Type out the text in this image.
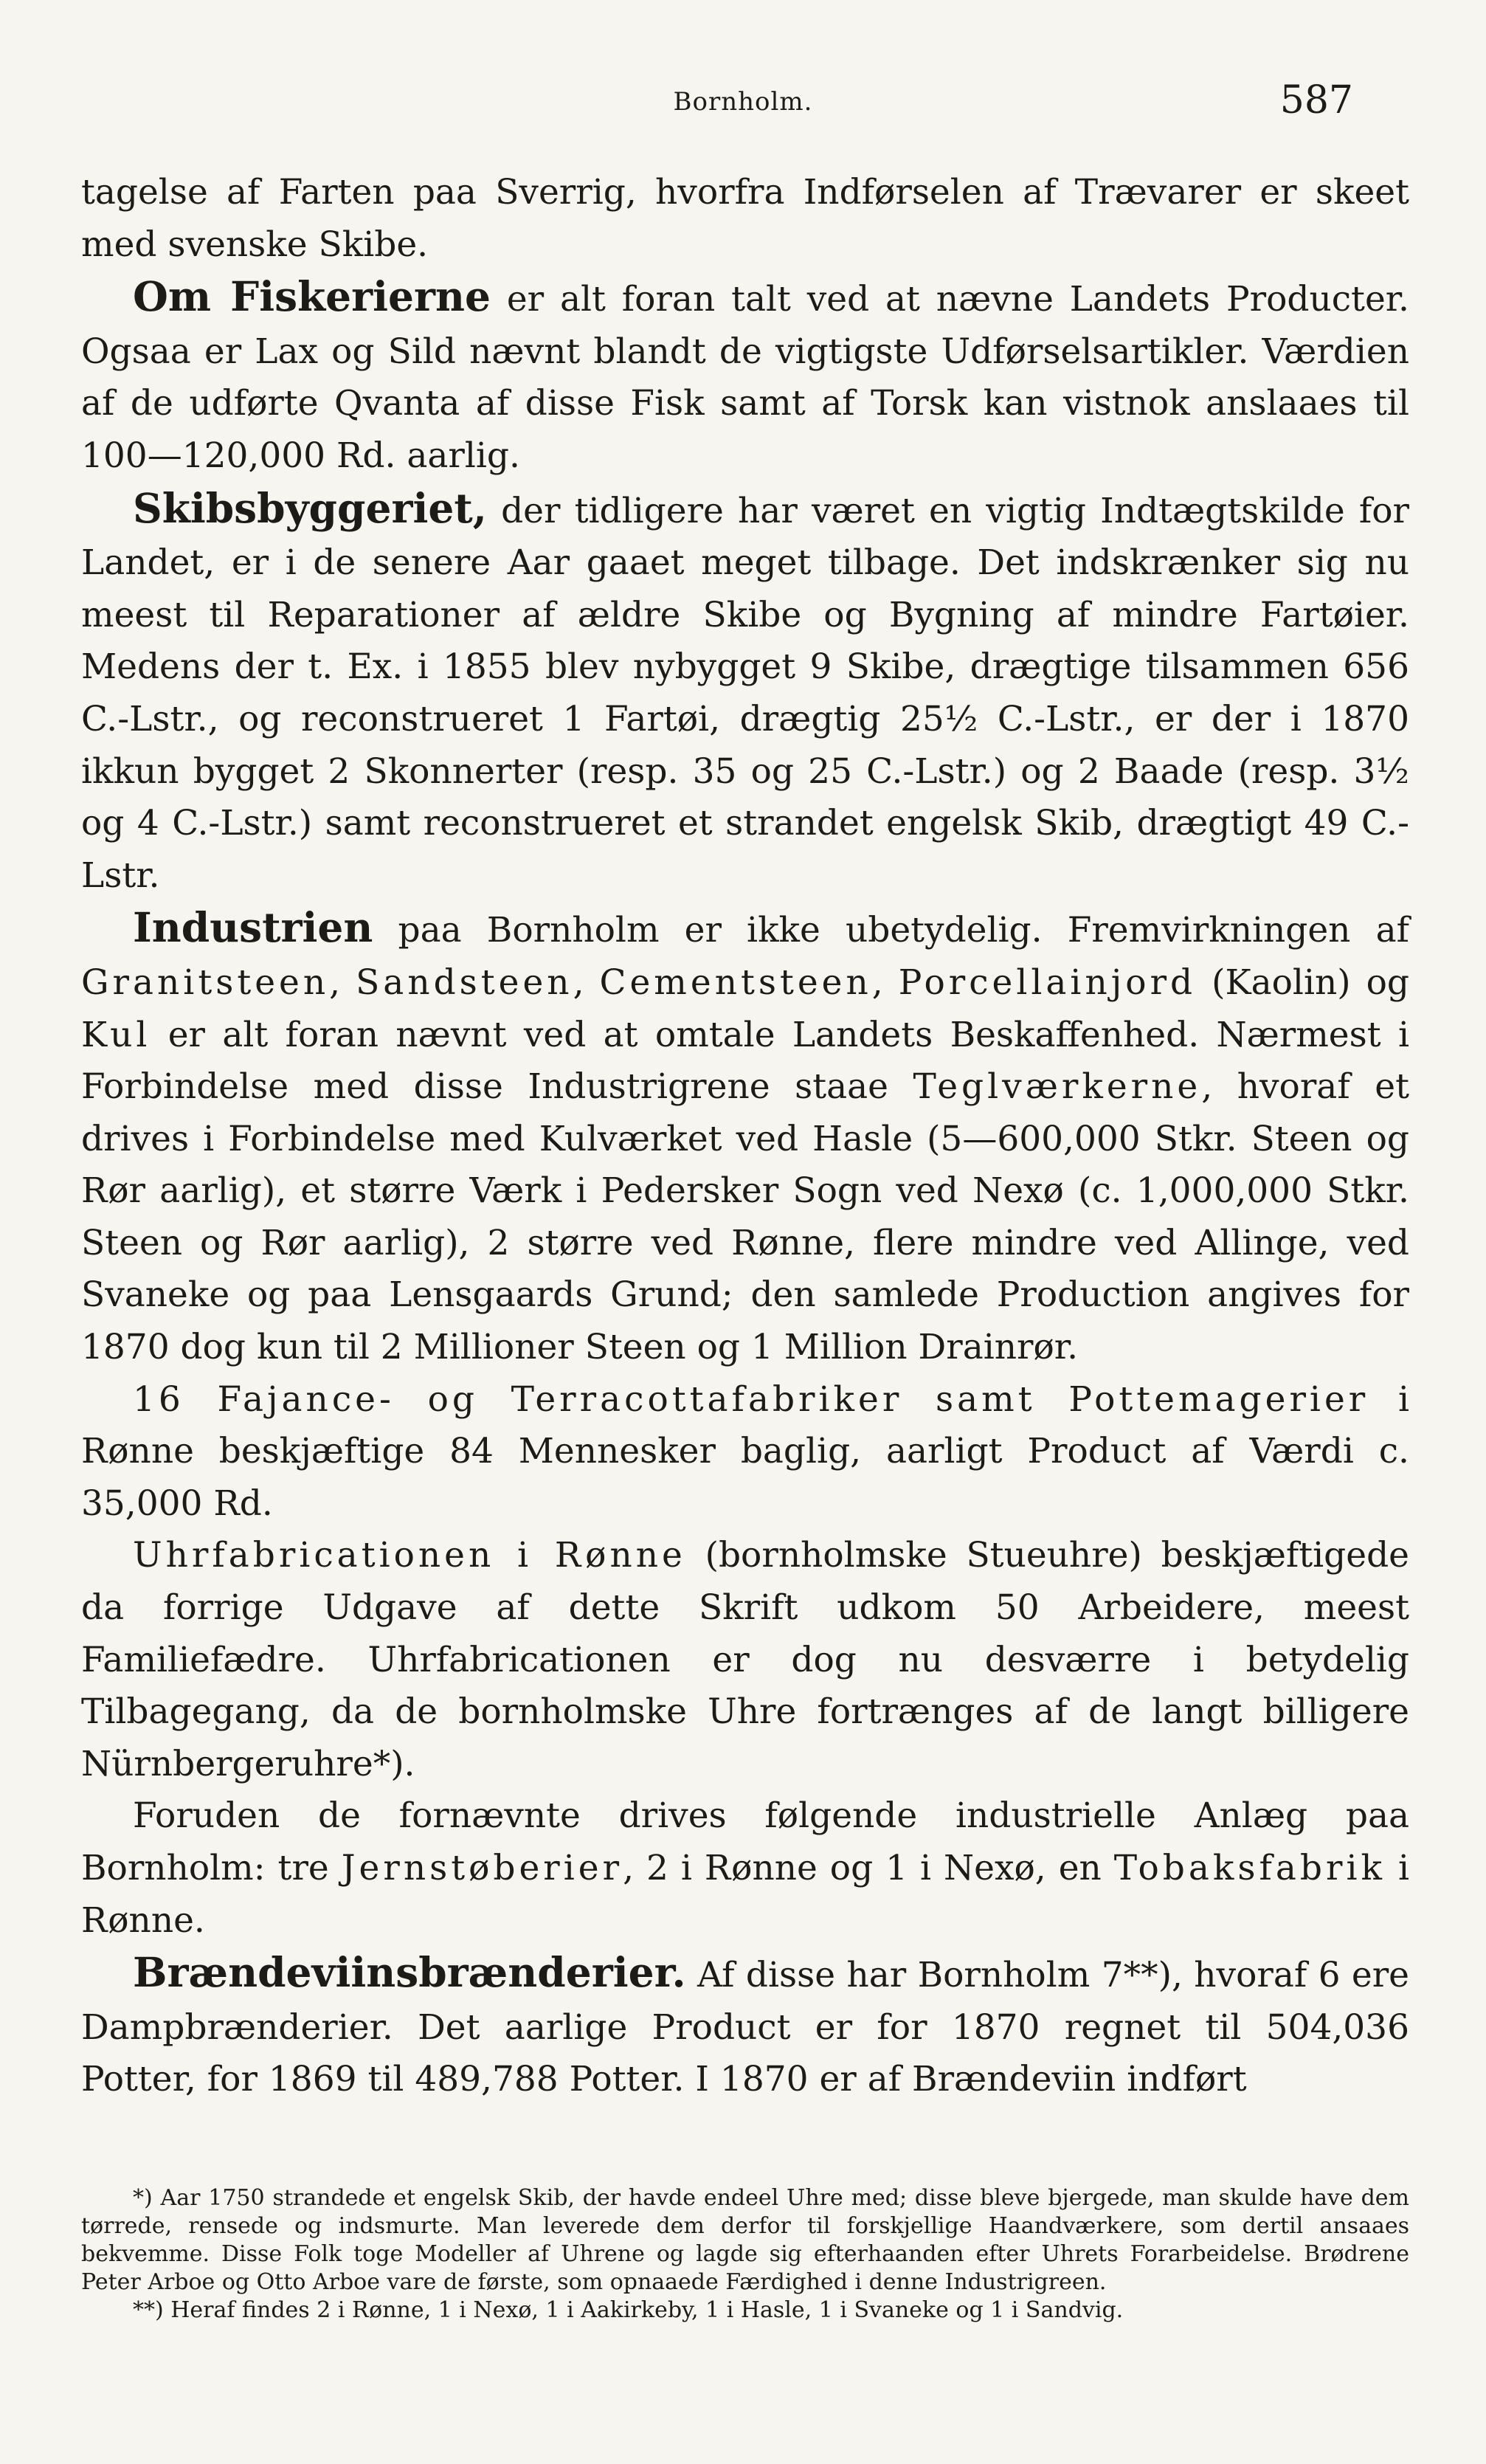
Bornholm.	587

tagelse af Farten paa Sverrig, hvorfra Indførselen af Trævarer er skeet med svenske Skibe.

Om Fiskerierne er alt foran talt ved at nævne Landets Producter. Ogsaa er Lax og Sild nævnt blandt de vigtigste Udførselsartikler. Værdien af de udførte Qvanta af disse Fisk samt af Torsk kan vistnok anslaaes til 100—120,000 Rd. aarlig.

Skibsbyggeriet, der tidligere har været en vigtig Indtægtskilde for Landet, er i de senere Aar gaaet meget tilbage. Det indskrænker sig nu meest til Reparationer af ældre Skibe og Bygning af mindre Fartøier. Medens der t. Ex. i 1855 blev nybygget 9 Skibe, drægtige tilsammen 656 C.-Lstr., og reconstrueret 1 Fartøi, drægtig 25½ C.-Lstr., er der i 1870 ikkun bygget 2 Skonnerter (resp. 35 og 25 C.-Lstr.) og 2 Baade (resp. 3½ og 4 C.-Lstr.) samt reconstrueret et strandet engelsk Skib, drægtigt 49 C.-Lstr.

Industrien paa Bornholm er ikke ubetydelig. Fremvirkningen af Granitsteen, Sandsteen, Cementsteen, Porcellainjord (Kaolin) og Kul er alt foran nævnt ved at omtale Landets Beskaffenhed. Nærmest i Forbindelse med disse Industrigrene staae Teglværkerne, hvoraf et drives i Forbindelse med Kulværket ved Hasle (5—600,000 Stkr. Steen og Rør aarlig), et større Værk i Pedersker Sogn ved Nexø (c. 1,000,000 Stkr. Steen og Rør aarlig), 2 større ved Rønne, flere mindre ved Allinge, ved Svaneke og paa Lensgaards Grund; den samlede Production angives for 1870 dog kun til 2 Millioner Steen og 1 Million Drainrør.

16 Fajance- og Terracottafabriker samt Pottemagerier i Rønne beskjæftige 84 Mennesker baglig, aarligt Product af Værdi c. 35,000 Rd.

Uhrfabricationen i Rønne (bornholmske Stueuhre) beskjæftigede da forrige Udgave af dette Skrift udkom 50 Arbeidere, meest Familiefædre. Uhrfabricationen er dog nu desværre i betydelig Tilbagegang, da de bornholmske Uhre fortrænges af de langt billigere Nürnbergeruhre*).

Foruden de fornævnte drives følgende industrielle Anlæg paa Bornholm: tre Jernstøberier, 2 i Rønne og 1 i Nexø, en Tobaksfabrik i Rønne.

Brændeviinsbrænderier. Af disse har Bornholm 7**), hvoraf 6 ere Dampbrænderier. Det aarlige Product er for 1870 regnet til 504,036 Potter, for 1869 til 489,788 Potter. I 1870 er af Brændeviin indført

*) Aar 1750 strandede et engelsk Skib, der havde endeel Uhre med; disse bleve bjergede, man skulde have dem tørrede, rensede og indsmurte. Man leverede dem derfor til forskjellige Haandværkere, som dertil ansaaes bekvemme. Disse Folk toge Modeller af Uhrene og lagde sig efterhaanden efter Uhrets Forarbeidelse. Brødrene Peter Arboe og Otto Arboe vare de første, som opnaaede Færdighed i denne Industrigreen.

**) Heraf findes 2 i Rønne, 1 i Nexø, 1 i Aakirkeby, 1 i Hasle, 1 i Svaneke og 1 i Sandvig.
